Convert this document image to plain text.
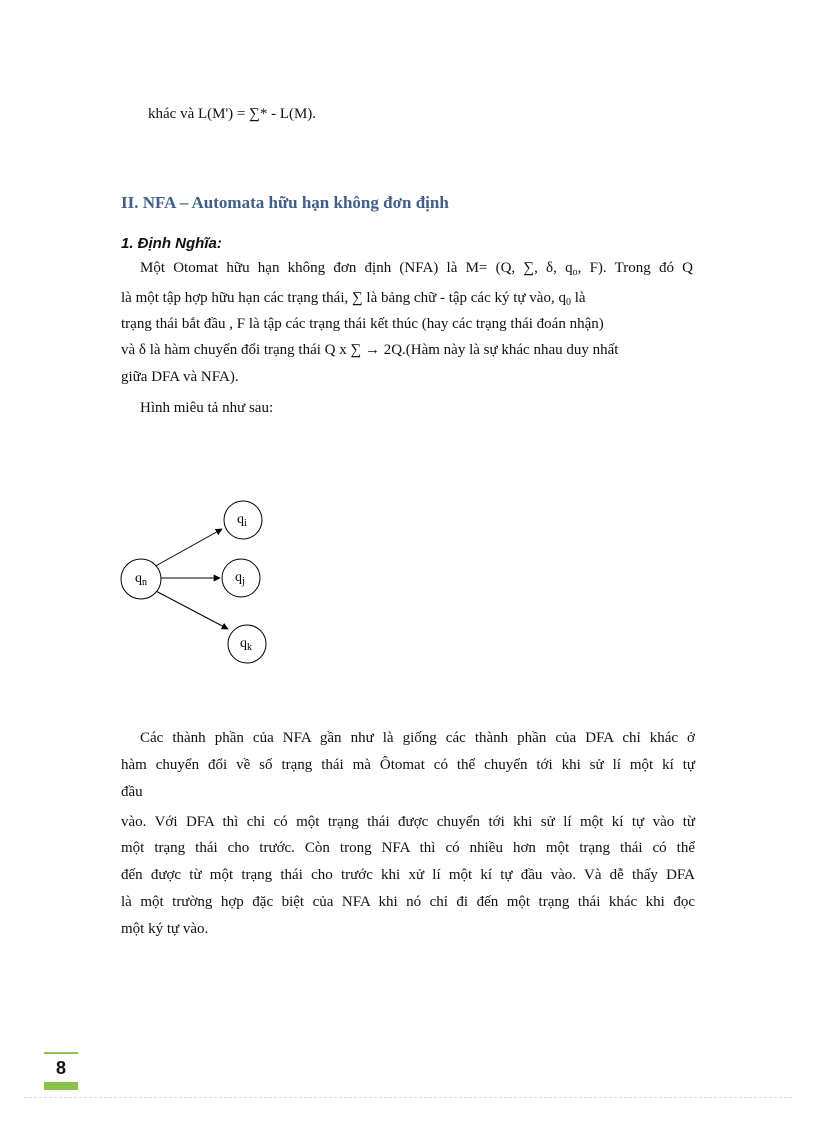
khác và L(M') = ∑* - L(M).
II. NFA – Automata hữu hạn không đơn định
1. Định Nghĩa:
Một Otomat hữu hạn không đơn định (NFA) là M= (Q, ∑, δ, $q_o$, F). Trong đó Q
là một tập hợp hữu hạn các trạng thái, ∑ là bảng chữ - tập các ký tự vào, $q_0$ là
trạng thái bắt đầu , F là tập các trạng thái kết thúc (hay các trạng thái đoán nhận)
và δ là hàm chuyển đổi trạng thái Q x ∑ → 2Q.(Hàm này là sự khác nhau duy nhất
giữa DFA và NFA).
Hình miêu tả như sau:
$q_n$
$q_i$
$q_j$
$q_k$
Các thành phần của NFA gần như là giống các thành phần của DFA chỉ khác ở
hàm chuyển đổi về số trạng thái mà Ôtomat có thể chuyển tới khi sử lí một kí tự
đầu
vào. Với DFA thì chỉ có một trạng thái được chuyển tới khi sử lí một kí tự vào từ
một trạng thái cho trước. Còn trong NFA thì có nhiều hơn một trạng thái có thể
đến được từ một trạng thái cho trước khi xử lí một kí tự đầu vào. Và dễ thấy DFA
là một trường hợp đặc biệt của NFA khi nó chỉ đi đến một trạng thái khác khi đọc
một ký tự vào.
8
